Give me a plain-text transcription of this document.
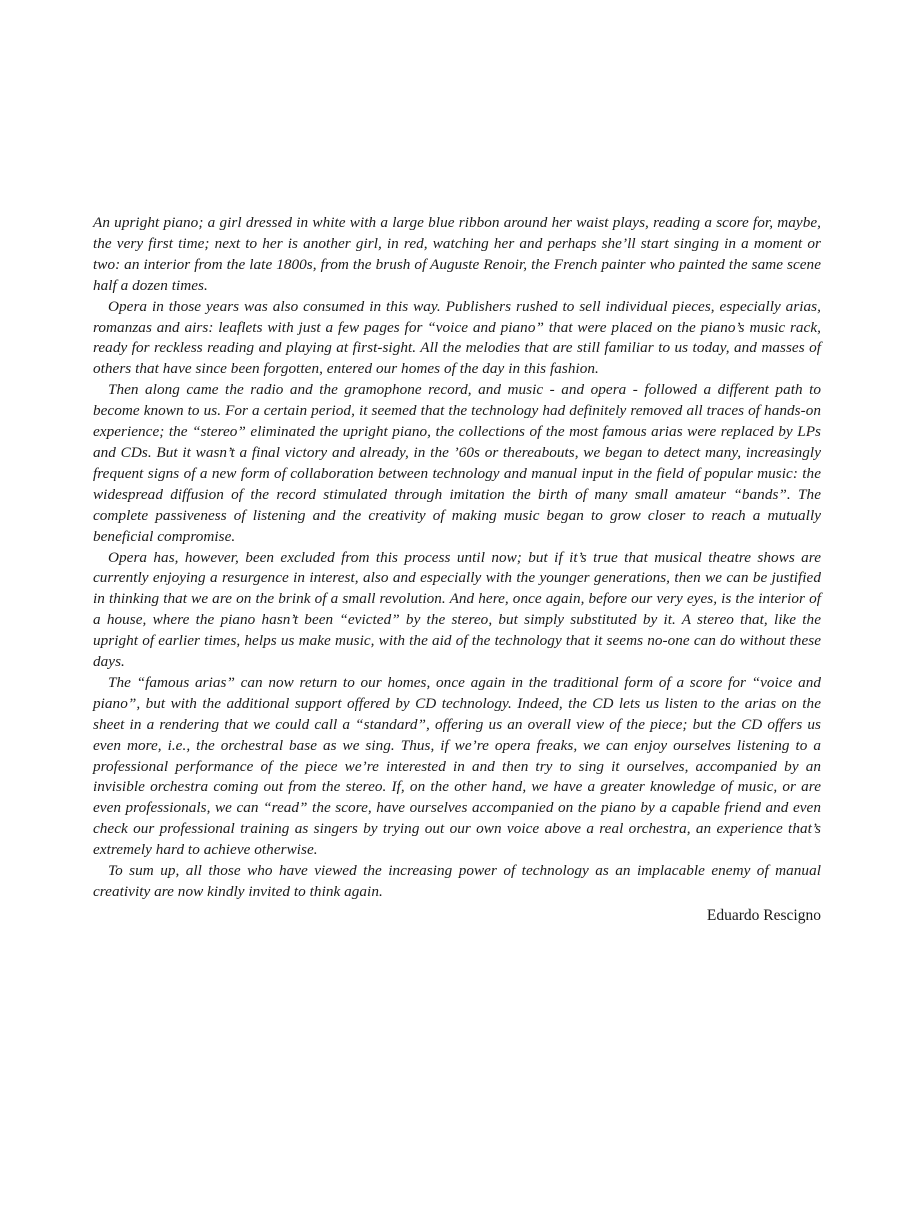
An upright piano; a girl dressed in white with a large blue ribbon around her waist plays, reading a score for, maybe, the very first time; next to her is another girl, in red, watching her and perhaps she’ll start singing in a moment or two: an interior from the late 1800s, from the brush of Auguste Renoir, the French painter who painted the same scene half a dozen times.

Opera in those years was also consumed in this way. Publishers rushed to sell individual pieces, especially arias, romanzas and airs: leaflets with just a few pages for “voice and piano” that were placed on the piano’s music rack, ready for reckless reading and playing at first-sight. All the melodies that are still familiar to us today, and masses of others that have since been forgotten, entered our homes of the day in this fashion.

Then along came the radio and the gramophone record, and music - and opera - followed a different path to become known to us. For a certain period, it seemed that the technology had definitely removed all traces of hands-on experience; the “stereo” eliminated the upright piano, the collections of the most famous arias were replaced by LPs and CDs. But it wasn’t a final victory and already, in the ’60s or thereabouts, we began to detect many, increasingly frequent signs of a new form of collaboration between technology and manual input in the field of popular music: the widespread diffusion of the record stimulated through imitation the birth of many small amateur “bands”. The complete passiveness of listening and the creativity of making music began to grow closer to reach a mutually beneficial compromise.

Opera has, however, been excluded from this process until now; but if it’s true that musical theatre shows are currently enjoying a resurgence in interest, also and especially with the younger generations, then we can be justified in thinking that we are on the brink of a small revolution. And here, once again, before our very eyes, is the interior of a house, where the piano hasn’t been “evicted” by the stereo, but simply substituted by it. A stereo that, like the upright of earlier times, helps us make music, with the aid of the technology that it seems no-one can do without these days.

The “famous arias” can now return to our homes, once again in the traditional form of a score for “voice and piano”, but with the additional support offered by CD technology. Indeed, the CD lets us listen to the arias on the sheet in a rendering that we could call a “standard”, offering us an overall view of the piece; but the CD offers us even more, i.e., the orchestral base as we sing. Thus, if we’re opera freaks, we can enjoy ourselves listening to a professional performance of the piece we’re interested in and then try to sing it ourselves, accompanied by an invisible orchestra coming out from the stereo. If, on the other hand, we have a greater knowledge of music, or are even professionals, we can “read” the score, have ourselves accompanied on the piano by a capable friend and even check our professional training as singers by trying out our own voice above a real orchestra, an experience that’s extremely hard to achieve otherwise.

To sum up, all those who have viewed the increasing power of technology as an implacable enemy of manual creativity are now kindly invited to think again.

Eduardo Rescigno
